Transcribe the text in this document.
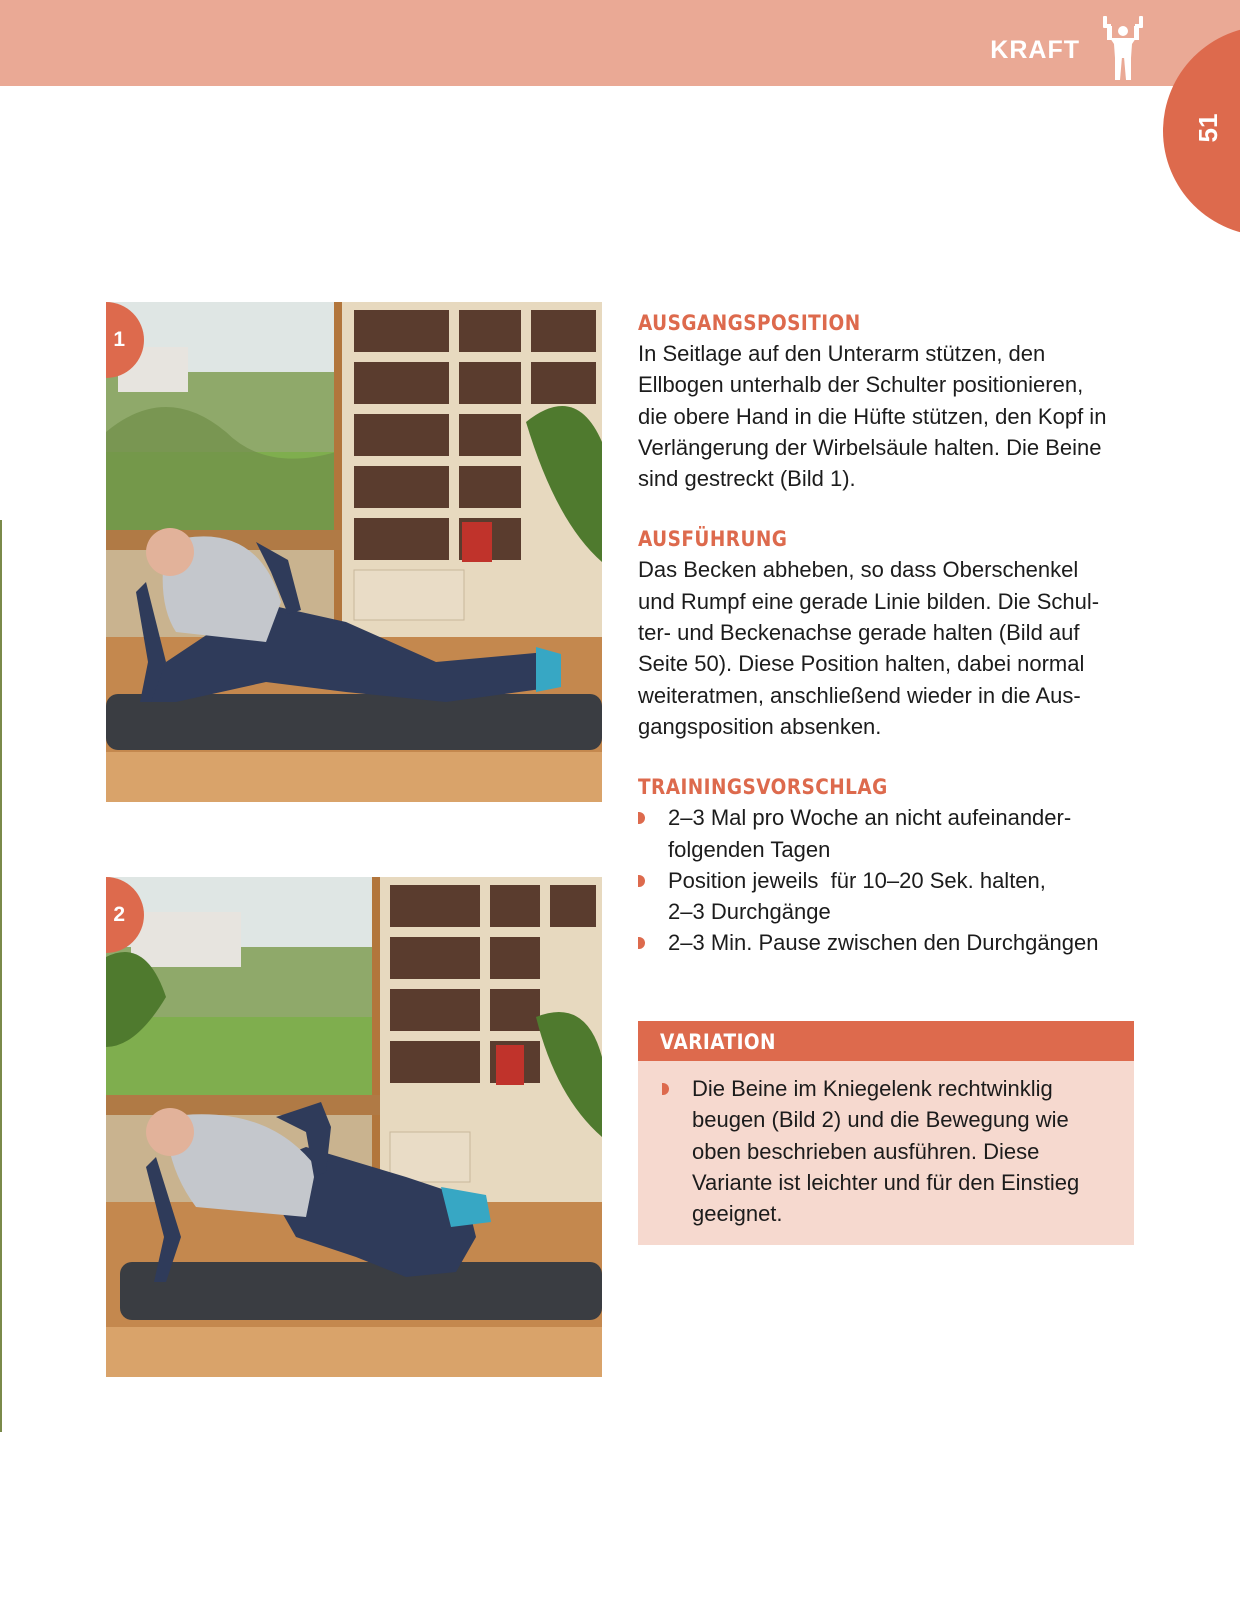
KRAFT
51
1
2
AUSGANGSPOSITION

In Seitlage auf den Unterarm stützen, den
Ellbogen unterhalb der Schulter positionieren,
die obere Hand in die Hüfte stützen, den Kopf in
Verlängerung der Wirbelsäule halten. Die Beine
sind gestreckt (Bild 1).

AUSFÜHRUNG

Das Becken abheben, so dass Oberschenkel
und Rumpf eine gerade Linie bilden. Die Schul-
ter- und Beckenachse gerade halten (Bild auf
Seite 50). Diese Position halten, dabei normal
weiteratmen, anschließend wieder in die Aus-
gangsposition absenken.

TRAININGSVORSCHLAG
2–3 Mal pro Woche an nicht aufeinander-
folgenden Tagen
Position jeweils  für 10–20 Sek. halten,
2–3 Durchgänge
2–3 Min. Pause zwischen den Durchgängen
VARIATION
Die Beine im Kniegelenk rechtwinklig
beugen (Bild 2) und die Bewegung wie
oben beschrieben ausführen. Diese
Variante ist leichter und für den Einstieg
geeignet.
